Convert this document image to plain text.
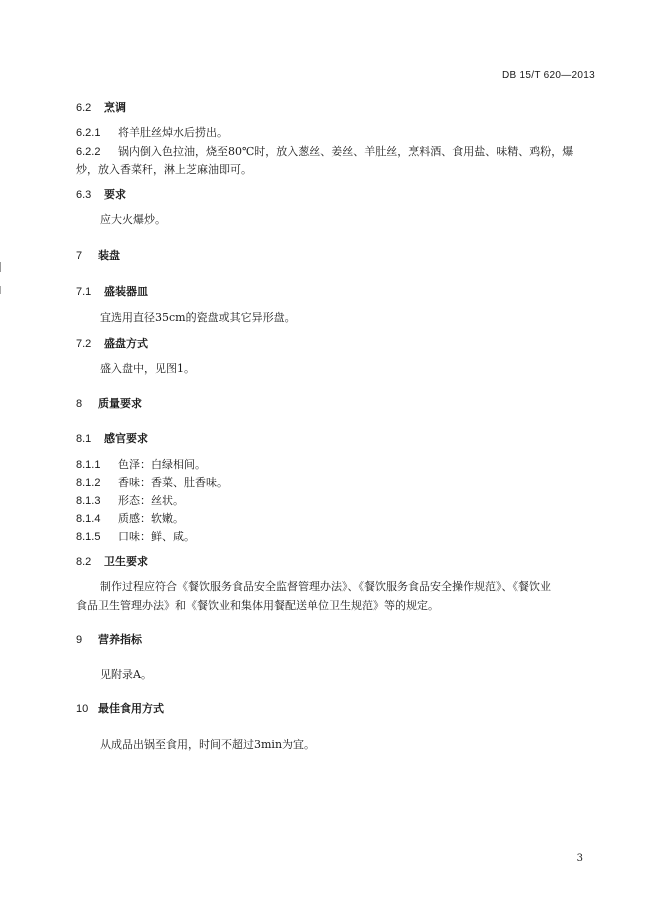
DB 15/T 620—2013
6.2 烹调
6.2.1 将羊肚丝焯水后捞出。
6.2.2 锅内倒入色拉油，烧至80℃时，放入葱丝、姜丝、羊肚丝，烹料酒、食用盐、味精、鸡粉，爆
炒，放入香菜秆，淋上芝麻油即可。
6.3 要求
应大火爆炒。
7 装盘
7.1 盛装器皿
宜选用直径35cm的瓷盘或其它异形盘。
7.2 盛盘方式
盛入盘中，见图1。
8 质量要求
8.1 感官要求
8.1.1 色泽：白绿相间。
8.1.2 香味：香菜、肚香味。
8.1.3 形态：丝状。
8.1.4 质感：软嫩。
8.1.5 口味：鲜、咸。
8.2 卫生要求
制作过程应符合《餐饮服务食品安全监督管理办法》、《餐饮服务食品安全操作规范》、《餐饮业
食品卫生管理办法》和《餐饮业和集体用餐配送单位卫生规范》等的规定。
9 营养指标
见附录A。
10 最佳食用方式
从成品出锅至食用，时间不超过3min为宜。
3
